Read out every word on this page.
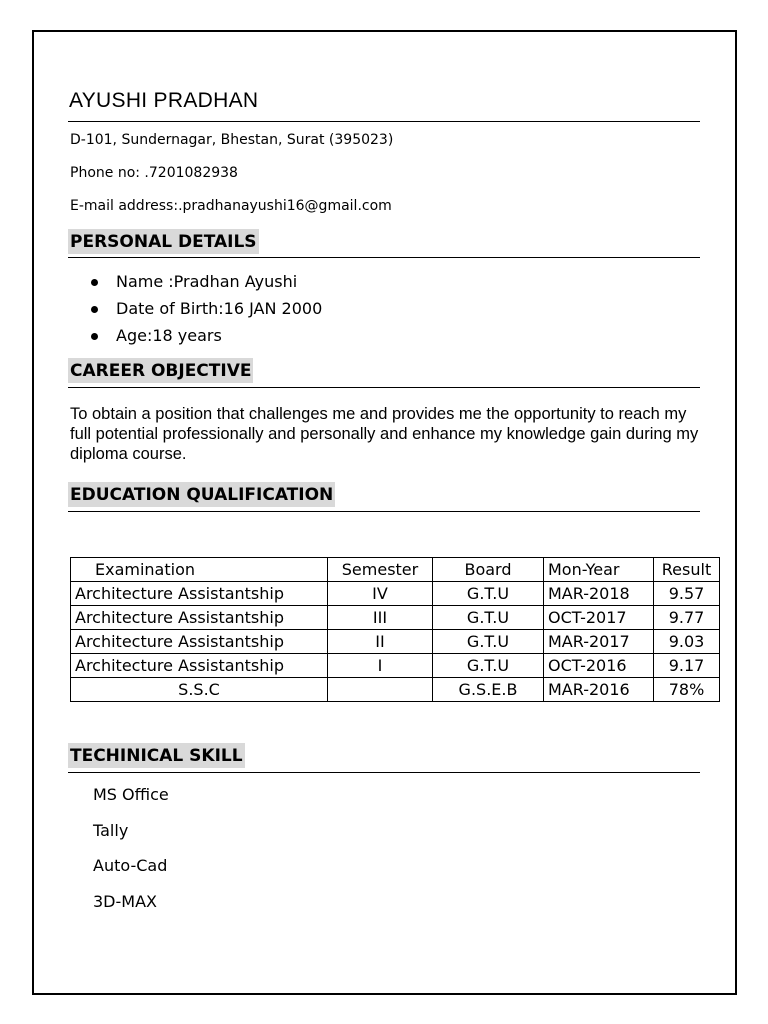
AYUSHI PRADHAN
D-101, Sundernagar, Bhestan, Surat (395023)
Phone no: .7201082938
E-mail address:.pradhanayushi16@gmail.com
PERSONAL DETAILS
Name :Pradhan Ayushi
Date of Birth:16 JAN 2000
Age:18 years
CAREER OBJECTIVE
To obtain a position that challenges me and provides me the opportunity to reach my full potential professionally and personally and enhance my knowledge gain during my diploma course.
EDUCATION QUALIFICATION
Examination	Semester	Board	Mon-Year	Result
Architecture Assistantship	IV	G.T.U	MAR-2018	9.57
Architecture Assistantship	III	G.T.U	OCT-2017	9.77
Architecture Assistantship	II	G.T.U	MAR-2017	9.03
Architecture Assistantship	I	G.T.U	OCT-2016	9.17
S.S.C		G.S.E.B	MAR-2016	78%
TECHINICAL SKILL
MS Office
Tally
Auto-Cad
3D-MAX
